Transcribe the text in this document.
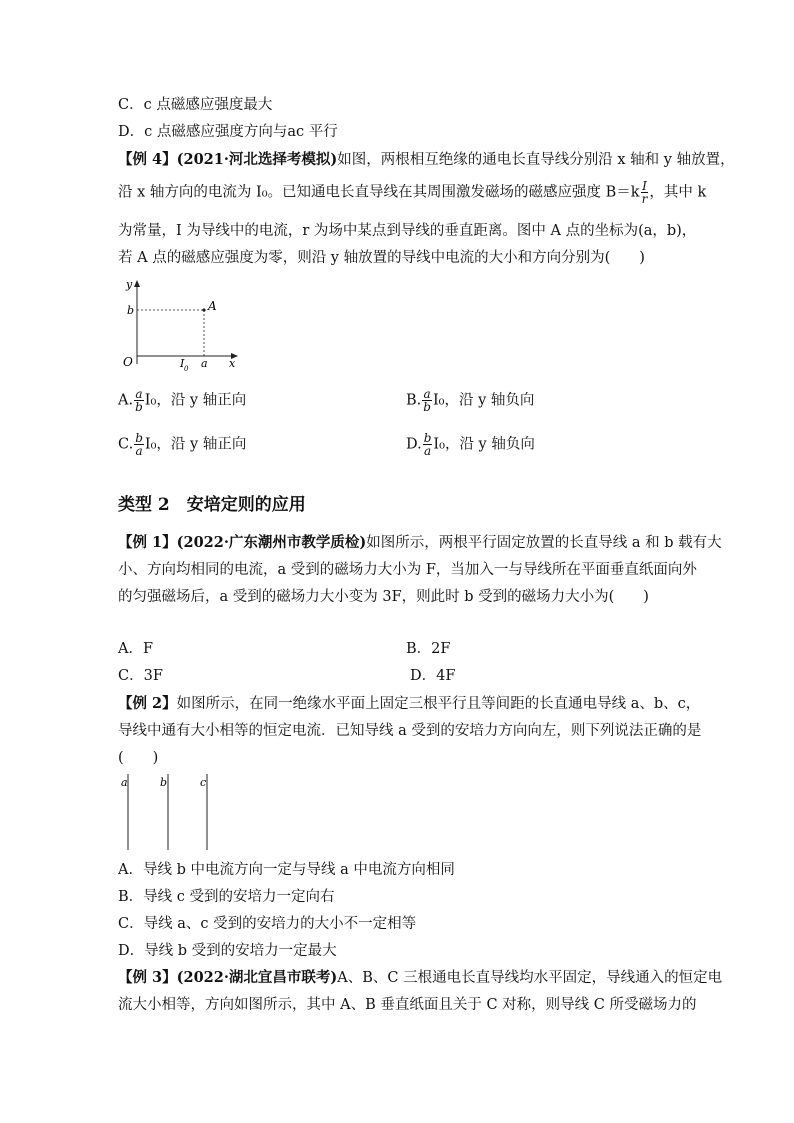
C．c 点磁感应强度最大
D．c 点磁感应强度方向与ac 平行
【例 4】(2021·河北选择考模拟)如图，两根相互绝缘的通电长直导线分别沿 x 轴和 y 轴放置，
沿 x 轴方向的电流为 I₀。已知通电长直导线在其周围激发磁场的磁感应强度 $B=k \frac{I}{r}$ ，其中 k
为常量，I 为导线中的电流，r 为场中某点到导线的垂直距离。图中 A 点的坐标为(a，b)，
若 A 点的磁感应强度为零，则沿 y 轴放置的导线中电流的大小和方向分别为(　　)
y
b	A
O	I 0 a x
A. $\frac{a}{b} I_0$，沿 y 轴正向	B. $\frac{a}{b} I_0$，沿 y 轴负向
C. $\frac{b}{a} I_0$，沿 y 轴正向	D. $\frac{b}{a} I_0$，沿 y 轴负向
类型 2　安培定则的应用
【例 1】(2022·广东潮州市教学质检)如图所示，两根平行固定放置的长直导线 a 和 b 载有大
小、方向均相同的电流，a 受到的磁场力大小为 F，当加入一与导线所在平面垂直纸面向外
的匀强磁场后，a 受到的磁场力大小变为 3F，则此时 b 受到的磁场力大小为(　　)
A．F	B．2F
C．3F	D．4F
【例 2】如图所示，在同一绝缘水平面上固定三根平行且等间距的长直通电导线 a、b、c，
导线中通有大小相等的恒定电流．已知导线 a 受到的安培力方向向左，则下列说法正确的是
(　　)
a	b	c
A．导线 b 中电流方向一定与导线 a 中电流方向相同
B．导线 c 受到的安培力一定向右
C．导线 a、c 受到的安培力的大小不一定相等
D．导线 b 受到的安培力一定最大
【例 3】(2022·湖北宜昌市联考)A、B、C 三根通电长直导线均水平固定，导线通入的恒定电
流大小相等，方向如图所示，其中 A、B 垂直纸面且关于 C 对称，则导线 C 所受磁场力的
